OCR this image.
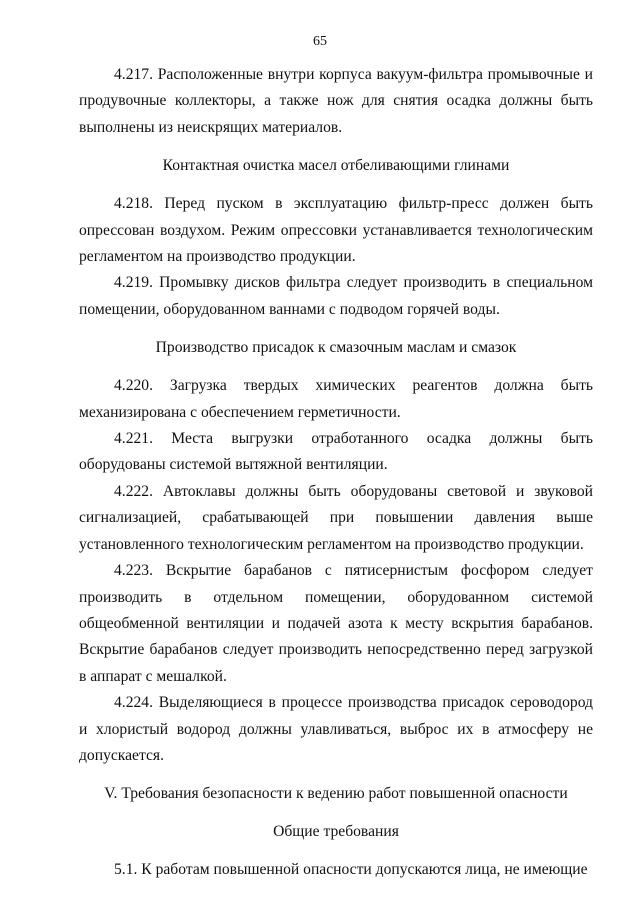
65

4.217. Расположенные внутри корпуса вакуум-фильтра промывочные и продувочные коллекторы, а также нож для снятия осадка должны быть выполнены из неискрящих материалов.

Контактная очистка масел отбеливающими глинами

4.218. Перед пуском в эксплуатацию фильтр-пресс должен быть опрессован воздухом. Режим опрессовки устанавливается технологическим регламентом на производство продукции.

4.219. Промывку дисков фильтра следует производить в специальном помещении, оборудованном ваннами с подводом горячей воды.

Производство присадок к смазочным маслам и смазок

4.220. Загрузка твердых химических реагентов должна быть механизирована с обеспечением герметичности.

4.221. Места выгрузки отработанного осадка должны быть оборудованы системой вытяжной вентиляции.

4.222. Автоклавы должны быть оборудованы световой и звуковой сигнализацией, срабатывающей при повышении давления выше установленного технологическим регламентом на производство продукции.

4.223. Вскрытие барабанов с пятисернистым фосфором следует производить в отдельном помещении, оборудованном системой общеобменной вентиляции и подачей азота к месту вскрытия барабанов. Вскрытие барабанов следует производить непосредственно перед загрузкой в аппарат с мешалкой.

4.224. Выделяющиеся в процессе производства присадок сероводород и хлористый водород должны улавливаться, выброс их в атмосферу не допускается.

V. Требования безопасности к ведению работ повышенной опасности

Общие требования

5.1. К работам повышенной опасности допускаются лица, не имеющие
